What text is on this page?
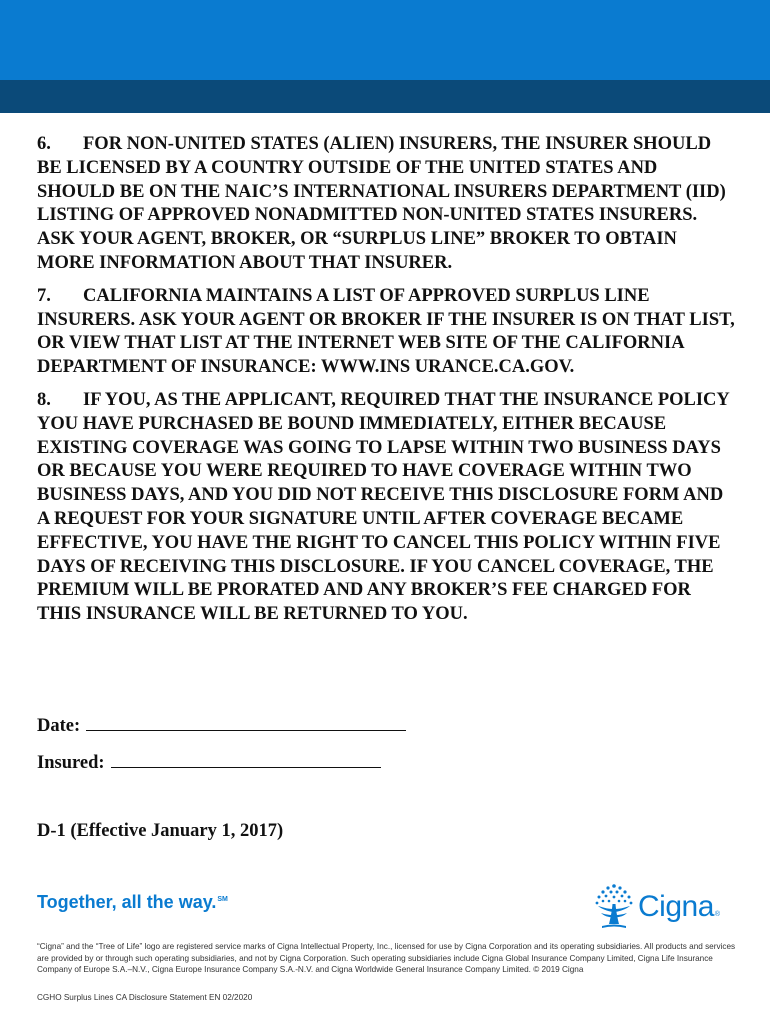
6. FOR NON-UNITED STATES (ALIEN) INSURERS, THE INSURER SHOULD BE LICENSED BY A COUNTRY OUTSIDE OF THE UNITED STATES AND SHOULD BE ON THE NAIC’S INTERNATIONAL INSURERS DEPARTMENT (IID) LISTING OF APPROVED NONADMITTED NON-UNITED STATES INSURERS. ASK YOUR AGENT, BROKER, OR “SURPLUS LINE” BROKER TO OBTAIN MORE INFORMATION ABOUT THAT INSURER.

7. CALIFORNIA MAINTAINS A LIST OF APPROVED SURPLUS LINE INSURERS. ASK YOUR AGENT OR BROKER IF THE INSURER IS ON THAT LIST, OR VIEW THAT LIST AT THE INTERNET WEB SITE OF THE CALIFORNIA DEPARTMENT OF INSURANCE: WWW.INS URANCE.CA.GOV.

8. IF YOU, AS THE APPLICANT, REQUIRED THAT THE INSURANCE POLICY YOU HAVE PURCHASED BE BOUND IMMEDIATELY, EITHER BECAUSE EXISTING COVERAGE WAS GOING TO LAPSE WITHIN TWO BUSINESS DAYS OR BECAUSE YOU WERE REQUIRED TO HAVE COVERAGE WITHIN TWO BUSINESS DAYS, AND YOU DID NOT RECEIVE THIS DISCLOSURE FORM AND A REQUEST FOR YOUR SIGNATURE UNTIL AFTER COVERAGE BECAME EFFECTIVE, YOU HAVE THE RIGHT TO CANCEL THIS POLICY WITHIN FIVE DAYS OF RECEIVING THIS DISCLOSURE. IF YOU CANCEL COVERAGE, THE PREMIUM WILL BE PRORATED AND ANY BROKER’S FEE CHARGED FOR THIS INSURANCE WILL BE RETURNED TO YOU.

Date:
Insured:
D-1 (Effective January 1, 2017)
Together, all the way.℠	Cigna®
“Cigna” and the “Tree of Life” logo are registered service marks of Cigna Intellectual Property, Inc., licensed for use by Cigna Corporation and its operating subsidiaries. All products and services are provided by or through such operating subsidiaries, and not by Cigna Corporation. Such operating subsidiaries include Cigna Global Insurance Company Limited, Cigna Life Insurance Company of Europe S.A.–N.V., Cigna Europe Insurance Company S.A.-N.V. and Cigna Worldwide General Insurance Company Limited. © 2019 Cigna
CGHO Surplus Lines CA Disclosure Statement EN 02/2020
